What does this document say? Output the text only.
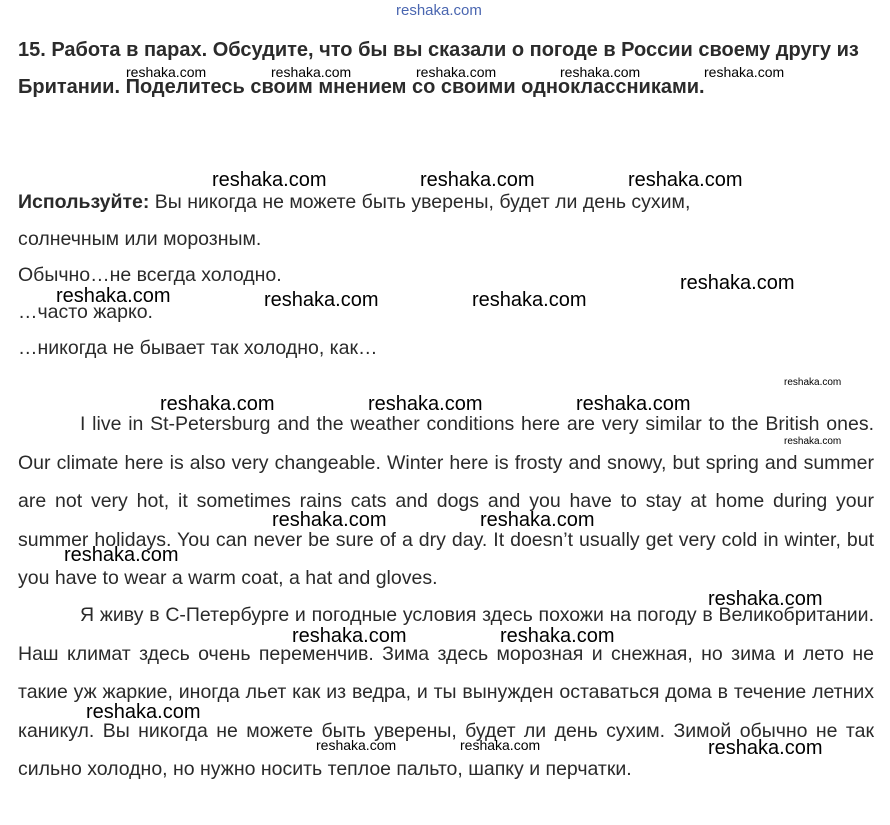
15. Работа в парах. Обсудите, что бы вы сказали о погоде в России своему другу из Британии. Поделитесь своим мнением со своими одноклассниками.
Используйте: Вы никогда не можете быть уверены, будет ли день сухим,
солнечным или морозным.
Обычно…не всегда холодно.
…часто жарко.
…никогда не бывает так холодно, как…
I live in St-Petersburg and the weather conditions here are very similar to the British ones. Our climate here is also very changeable. Winter here is frosty and snowy, but spring and summer are not very hot, it sometimes rains cats and dogs and you have to stay at home during your summer holidays. You can never be sure of a dry day. It doesn’t usually get very cold in winter, but you have to wear a warm coat, a hat and gloves.
Я живу в С-Петербурге и погодные условия здесь похожи на погоду в Великобритании. Наш климат здесь очень переменчив. Зима здесь морозная и снежная, но зима и лето не такие уж жаркие, иногда льет как из ведра, и ты вынужден оставаться дома в течение летних каникул. Вы никогда не можете быть уверены, будет ли день сухим. Зимой обычно не так сильно холодно, но нужно носить теплое пальто, шапку и перчатки.
reshaka.com
reshaka.com	reshaka.com	reshaka.com	reshaka.com	reshaka.com
reshaka.com	reshaka.com	reshaka.com
reshaka.com
reshaka.com	reshaka.com	reshaka.com
reshaka.com
reshaka.com	reshaka.com	reshaka.com
reshaka.com
reshaka.com	reshaka.com
reshaka.com
reshaka.com
reshaka.com	reshaka.com
reshaka.com
reshaka.com	reshaka.com	reshaka.com
